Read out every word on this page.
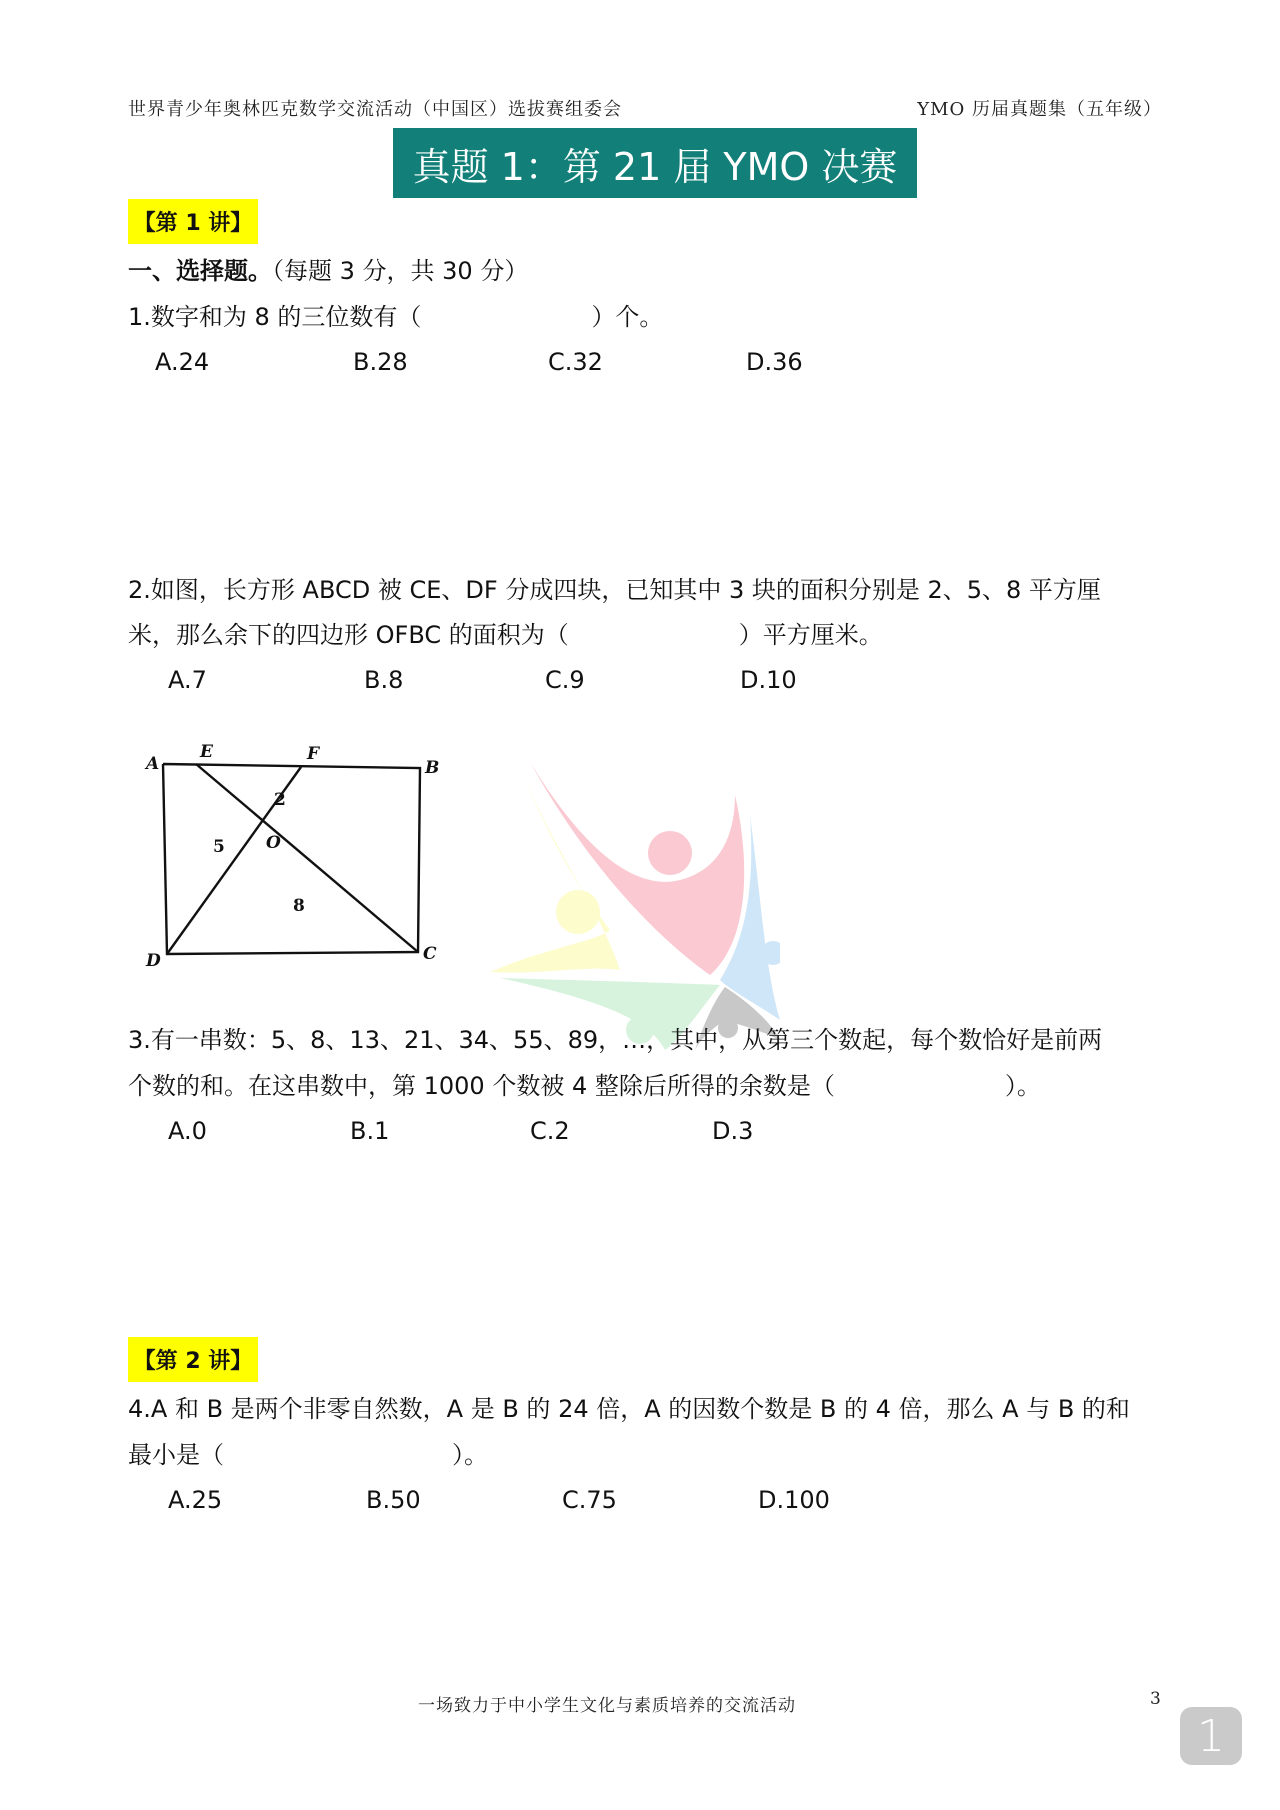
世界青少年奥林匹克数学交流活动（中国区）选拔赛组委会	YMO 历届真题集（五年级）
真题 1：第 21 届 YMO 决赛
【第 1 讲】
一、选择题。（每题 3 分，共 30 分）
1.数字和为 8 的三位数有（	）个。
A.24	B.28	C.32	D.36
2.如图，长方形 ABCD 被 CE、DF 分成四块，已知其中 3 块的面积分别是 2、5、8 平方厘
米，那么余下的四边形 OFBC 的面积为（	）平方厘米。
A.7	B.8	C.9	D.10
A
E	F
B
D	C
O
2
5
8
3.有一串数：5、8、13、21、34、55、89，…，其中，从第三个数起，每个数恰好是前两
个数的和。在这串数中，第 1000 个数被 4 整除后所得的余数是（	）。
A.0	B.1	C.2	D.3
【第 2 讲】
4.A 和 B 是两个非零自然数，A 是 B 的 24 倍，A 的因数个数是 B 的 4 倍，那么 A 与 B 的和
最小是（	）。
A.25	B.50	C.75	D.100
一场致力于中小学生文化与素质培养的交流活动	3
1
